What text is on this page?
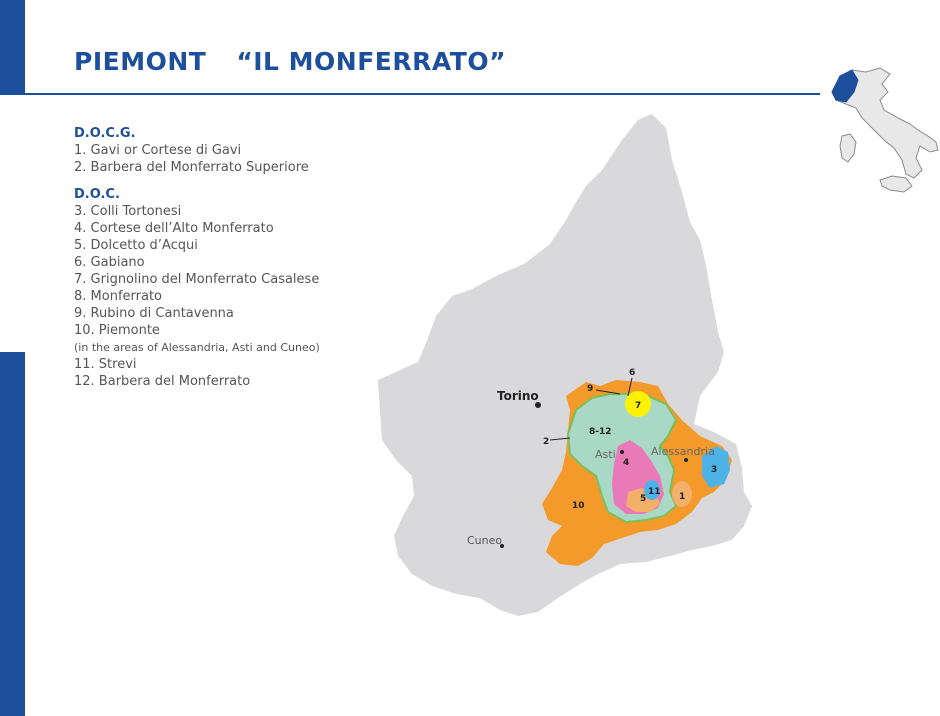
PIEMONT “IL MONFERRATO”
D.O.C.G.
1. Gavi or Cortese di Gavi
2. Barbera del Monferrato Superiore
D.O.C.
3. Colli Tortonesi
4. Cortese dell’Alto Monferrato
5. Dolcetto d’Acqui
6. Gabiano
7. Grignolino del Monferrato Casalese
8. Monferrato
9. Rubino di Cantavenna
10. Piemonte
(in the areas of Alessandria, Asti and Cuneo)
11. Strevi
12. Barbera del Monferrato
Torino
Asti	Alessandria
Cuneo
1
2
3
4
5
6
7
8-12
9
10
11
